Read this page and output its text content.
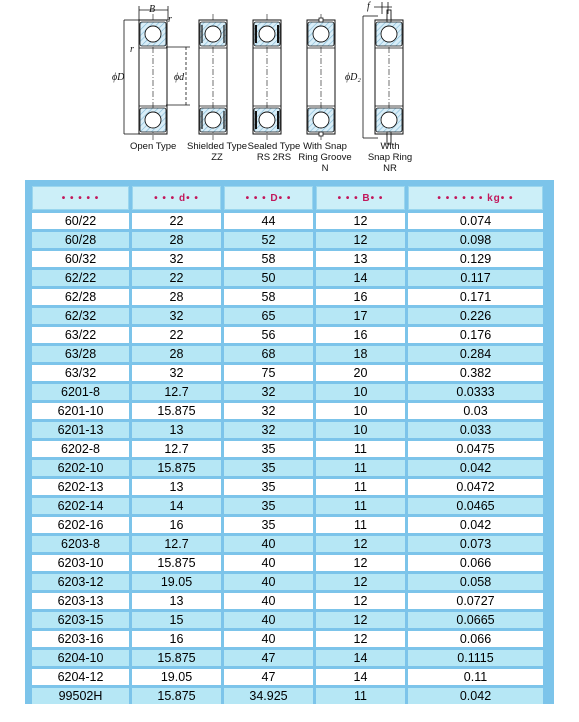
B
r
r
ϕD	ϕd	ϕD₂
f
Open Type Shielded Type
ZZ
Sealed Type
RS 2RS
With Snap
Ring Groove
N
With
Snap Ring
NR
• • • • •	• • • d• •	• • • D• •	• • • B• •	• • • • • • kg• •
60/22	22	44	12	0.074
60/28	28	52	12	0.098
60/32	32	58	13	0.129
62/22	22	50	14	0.117
62/28	28	58	16	0.171
62/32	32	65	17	0.226
63/22	22	56	16	0.176
63/28	28	68	18	0.284
63/32	32	75	20	0.382
6201-8	12.7	32	10	0.0333
6201-10	15.875	32	10	0.03
6201-13	13	32	10	0.033
6202-8	12.7	35	11	0.0475
6202-10	15.875	35	11	0.042
6202-13	13	35	11	0.0472
6202-14	14	35	11	0.0465
6202-16	16	35	11	0.042
6203-8	12.7	40	12	0.073
6203-10	15.875	40	12	0.066
6203-12	19.05	40	12	0.058
6203-13	13	40	12	0.0727
6203-15	15	40	12	0.0665
6203-16	16	40	12	0.066
6204-10	15.875	47	14	0.1115
6204-12	19.05	47	14	0.11
99502H	15.875	34.925	11	0.042
